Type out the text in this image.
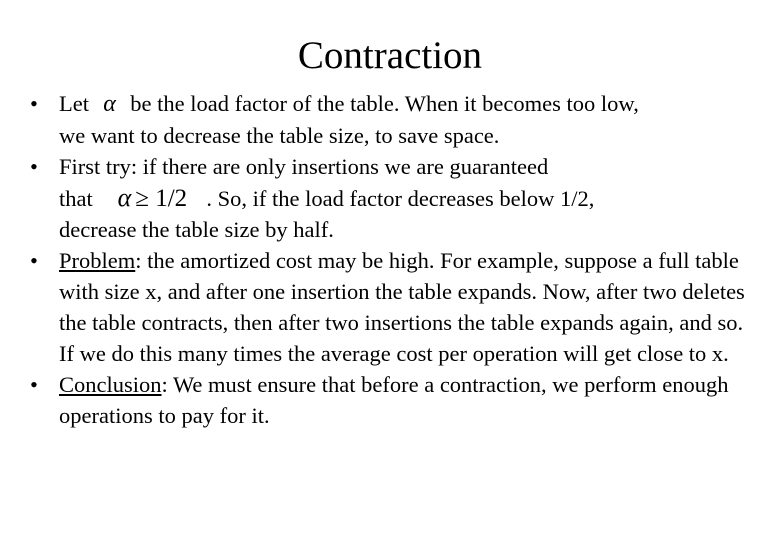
Contraction
• Let α be the load factor of the table. When it becomes too low,
we want to decrease the table size, to save space.
• First try: if there are only insertions we are guaranteed
that α ≥ 1/2 . So, if the load factor decreases below 1/2,
decrease the table size by half.
• Problem: the amortized cost may be high. For example, suppose a full table with size x, and after one insertion the table expands. Now, after two deletes the table contracts, then after two insertions the table expands again, and so. If we do this many times the average cost per operation will get close to x.
• Conclusion: We must ensure that before a contraction, we perform enough operations to pay for it.
